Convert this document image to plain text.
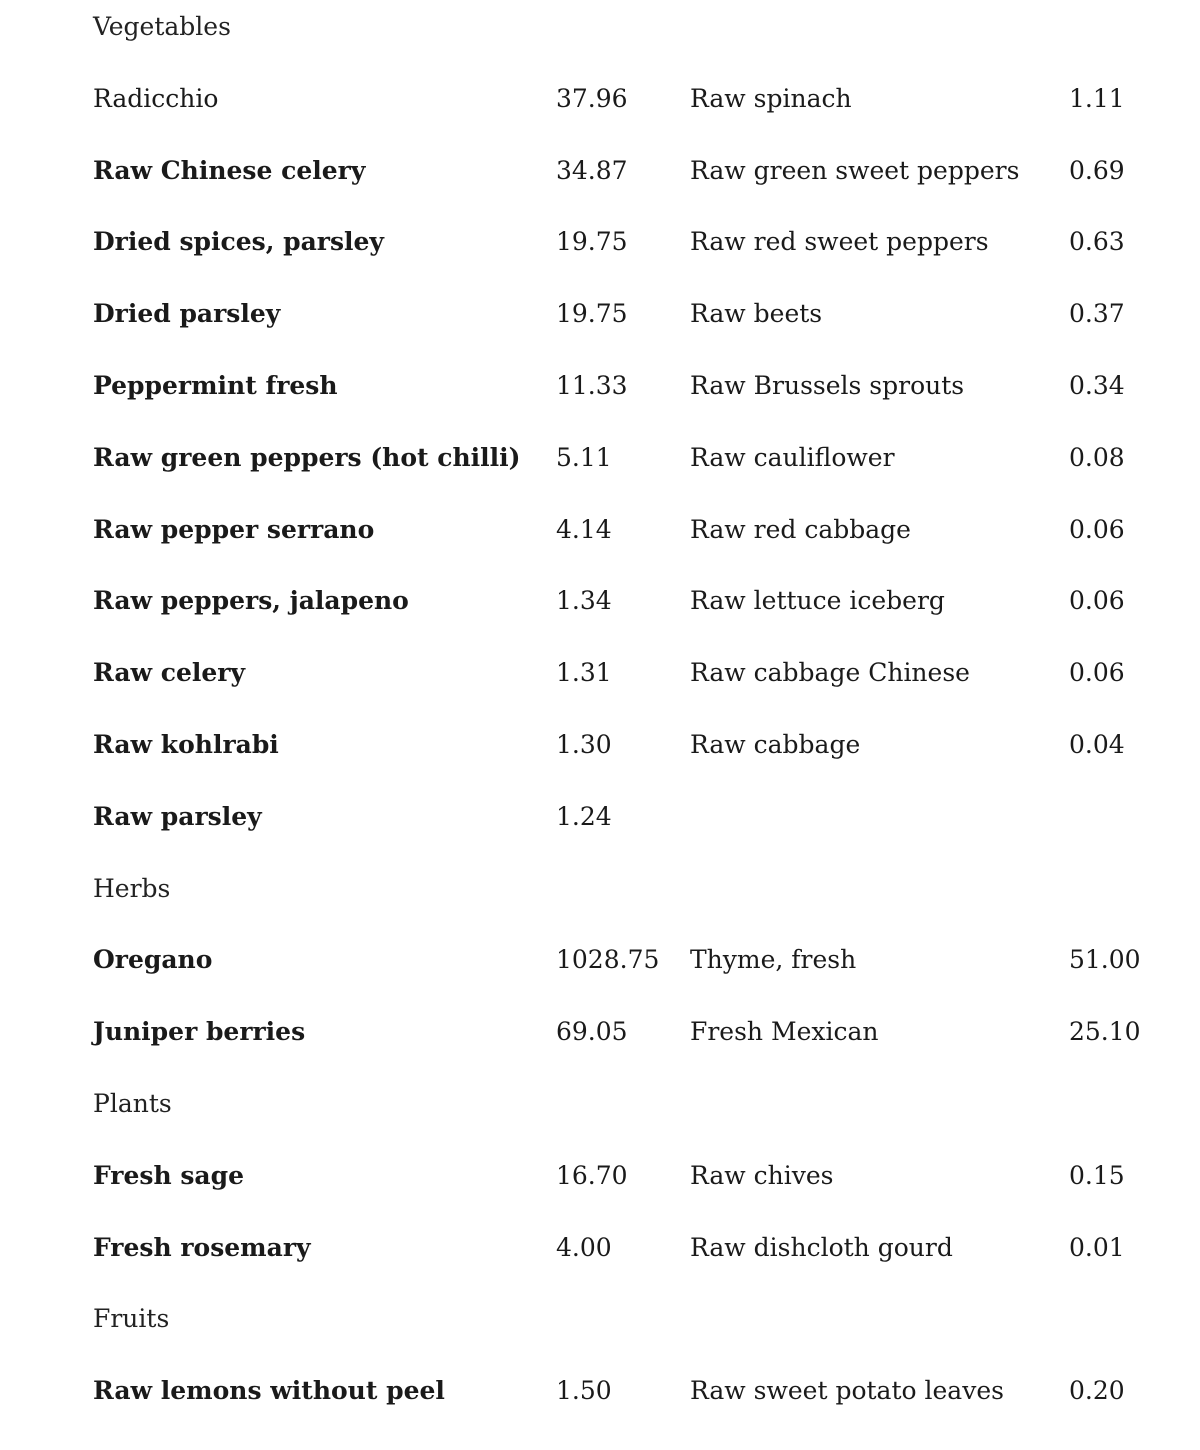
Vegetables
Radicchio	37.96 Raw spinach	1.11
Raw Chinese celery	34.87 Raw green sweet peppers 0.69
Dried spices, parsley	19.75 Raw red sweet peppers	0.63
Dried parsley	19.75 Raw beets	0.37
Peppermint fresh	11.33 Raw Brussels sprouts	0.34
Raw green peppers (hot chilli) 5.11	Raw cauliflower	0.08
Raw pepper serrano	4.14	Raw red cabbage	0.06
Raw peppers, jalapeno	1.34	Raw lettuce iceberg	0.06
Raw celery	1.31	Raw cabbage Chinese	0.06
Raw kohlrabi	1.30	Raw cabbage	0.04
Raw parsley	1.24
Herbs
Oregano	1028.75 Thyme, fresh	51.00
Juniper berries	69.05 Fresh Mexican	25.10
Plants
Fresh sage	16.70 Raw chives	0.15
Fresh rosemary	4.00	Raw dishcloth gourd	0.01
Fruits
Raw lemons without peel	1.50	Raw sweet potato leaves	0.20
